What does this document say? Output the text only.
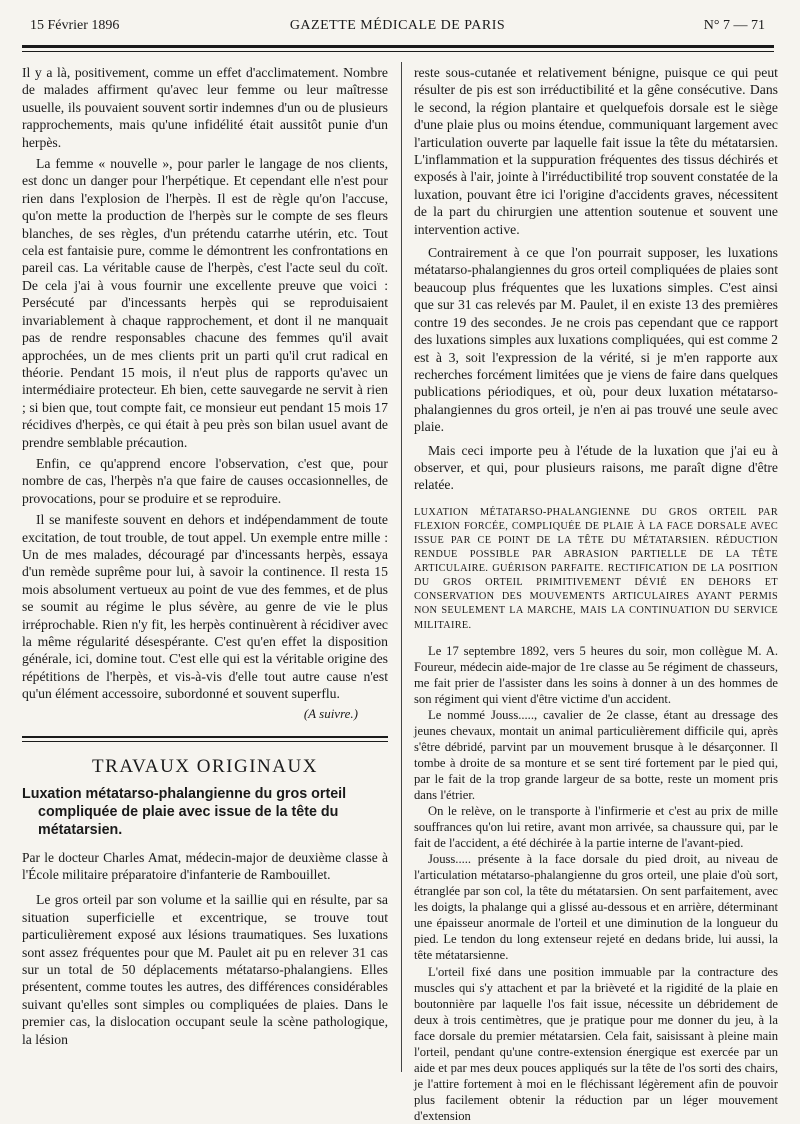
15 Février 1896	GAZETTE MÉDICALE DE PARIS	N° 7 — 71

Il y a là, positivement, comme un effet d'acclimatement. Nombre de malades affirment qu'avec leur femme ou leur maîtresse usuelle, ils pouvaient souvent sortir indemnes d'un ou de plusieurs rapprochements, mais qu'une infidélité était aussitôt punie d'un herpès.

La femme « nouvelle », pour parler le langage de nos clients, est donc un danger pour l'herpétique. Et cependant elle n'est pour rien dans l'explosion de l'herpès. Il est de règle qu'on l'accuse, qu'on mette la production de l'herpès sur le compte de ses fleurs blanches, de ses règles, d'un prétendu catarrhe utérin, etc. Tout cela est fantaisie pure, comme le démontrent les confrontations en pareil cas. La véritable cause de l'herpès, c'est l'acte seul du coït. De cela j'ai à vous fournir une excellente preuve que voici : Persécuté par d'incessants herpès qui se reproduisaient invariablement à chaque rapprochement, et dont il ne manquait pas de rendre responsables chacune des femmes qu'il avait approchées, un de mes clients prit un parti qu'il crut radical en théorie. Pendant 15 mois, il n'eut plus de rapports qu'avec un intermédiaire protecteur. Eh bien, cette sauvegarde ne servit à rien ; si bien que, tout compte fait, ce monsieur eut pendant 15 mois 17 récidives d'herpès, ce qui était à peu près son bilan usuel avant de prendre semblable précaution.

Enfin, ce qu'apprend encore l'observation, c'est que, pour nombre de cas, l'herpès n'a que faire de causes occasionnelles, de provocations, pour se produire et se reproduire.

Il se manifeste souvent en dehors et indépendamment de toute excitation, de tout trouble, de tout appel. Un exemple entre mille : Un de mes malades, découragé par d'incessants herpès, essaya d'un remède suprême pour lui, à savoir la continence. Il resta 15 mois absolument vertueux au point de vue des femmes, et de plus se soumit au régime le plus sévère, au genre de vie le plus irréprochable. Rien n'y fit, les herpès continuèrent à récidiver avec la même régularité désespérante. C'est qu'en effet la disposition générale, ici, domine tout. C'est elle qui est la véritable origine des répétitions de l'herpès, et vis-à-vis d'elle tout autre cause n'est qu'un élément accessoire, subordonné et souvent superflu.

(A suivre.)
TRAVAUX ORIGINAUX
Luxation métatarso-phalangienne du gros orteil compliquée de plaie avec issue de la tête du métatarsien.
Par le docteur Charles Amat, médecin-major de deuxième classe à l'École militaire préparatoire d'infanterie de Rambouillet.

Le gros orteil par son volume et la saillie qui en résulte, par sa situation superficielle et excentrique, se trouve tout particulièrement exposé aux lésions traumatiques. Ses luxations sont assez fréquentes pour que M. Paulet ait pu en relever 31 cas sur un total de 50 déplacements métatarso-phalangiens. Elles présentent, comme toutes les autres, des différences considérables suivant qu'elles sont simples ou compliquées de plaies. Dans le premier cas, la dislocation occupant seule la scène pathologique, la lésion

reste sous-cutanée et relativement bénigne, puisque ce qui peut résulter de pis est son irréductibilité et la gêne consécutive. Dans le second, la région plantaire et quelquefois dorsale est le siège d'une plaie plus ou moins étendue, communiquant largement avec l'articulation ouverte par laquelle fait issue la tête du métatarsien. L'inflammation et la suppuration fréquentes des tissus déchirés et exposés à l'air, jointe à l'irréductibilité trop souvent constatée de la luxation, pouvant être ici l'origine d'accidents graves, nécessitent de la part du chirurgien une attention soutenue et souvent une intervention active.

Contrairement à ce que l'on pourrait supposer, les luxations métatarso-phalangiennes du gros orteil compliquées de plaies sont beaucoup plus fréquentes que les luxations simples. C'est ainsi que sur 31 cas relevés par M. Paulet, il en existe 13 des premières contre 19 des secondes. Je ne crois pas cependant que ce rapport des luxations simples aux luxations compliquées, qui est comme 2 est à 3, soit l'expression de la vérité, si je m'en rapporte aux recherches forcément limitées que je viens de faire dans quelques publications périodiques, et où, pour deux luxation métatarso-phalangiennes du gros orteil, je n'en ai pas trouvé une seule avec plaie.

Mais ceci importe peu à l'étude de la luxation que j'ai eu à observer, et qui, pour plusieurs raisons, me paraît digne d'être relatée.

LUXATION MÉTATARSO-PHALANGIENNE DU GROS ORTEIL PAR FLEXION FORCÉE, COMPLIQUÉE DE PLAIE À LA FACE DORSALE AVEC ISSUE PAR CE POINT DE LA TÊTE DU MÉTATARSIEN. RÉDUCTION RENDUE POSSIBLE PAR ABRASION PARTIELLE DE LA TÊTE ARTICULAIRE. GUÉRISON PARFAITE. RECTIFICATION DE LA POSITION DU GROS ORTEIL PRIMITIVEMENT DÉVIÉ EN DEHORS ET CONSERVATION DES MOUVEMENTS ARTICULAIRES AYANT PERMIS NON SEULEMENT LA MARCHE, MAIS LA CONTINUATION DU SERVICE MILITAIRE.

Le 17 septembre 1892, vers 5 heures du soir, mon collègue M. A. Foureur, médecin aide-major de 1re classe au 5e régiment de chasseurs, me fait prier de l'assister dans les soins à donner à un des hommes de son régiment qui vient d'être victime d'un accident.

Le nommé Jouss....., cavalier de 2e classe, étant au dressage des jeunes chevaux, montait un animal particulièrement difficile qui, après s'être débridé, parvint par un mouvement brusque à le désarçonner. Il tombe à droite de sa monture et se sent tiré fortement par le pied qui, par le fait de la trop grande largeur de sa botte, reste un moment pris dans l'étrier.

On le relève, on le transporte à l'infirmerie et c'est au prix de mille souffrances qu'on lui retire, avant mon arrivée, sa chaussure qui, par le fait de l'accident, a été déchirée à la partie interne de l'avant-pied.

Jouss..... présente à la face dorsale du pied droit, au niveau de l'articulation métatarso-phalangienne du gros orteil, une plaie d'où sort, étranglée par son col, la tête du métatarsien. On sent parfaitement, avec les doigts, la phalange qui a glissé au-dessous et en arrière, déterminant une épaisseur anormale de l'orteil et une diminution de la longueur du pied. Le tendon du long extenseur rejeté en dedans bride, lui aussi, la tête métatarsienne.

L'orteil fixé dans une position immuable par la contracture des muscles qui s'y attachent et par la brièveté et la rigidité de la plaie en boutonnière par laquelle l'os fait issue, nécessite un débridement de deux à trois centimètres, que je pratique pour me donner du jeu, à la face dorsale du premier métatarsien. Cela fait, saisissant à pleine main l'orteil, pendant qu'une contre-extension énergique est exercée par un aide et par mes deux pouces appliqués sur la tête de l'os sorti des chairs, je l'attire fortement à moi en le fléchissant légèrement afin de pouvoir plus facilement obtenir la réduction par un léger mouvement d'extension
